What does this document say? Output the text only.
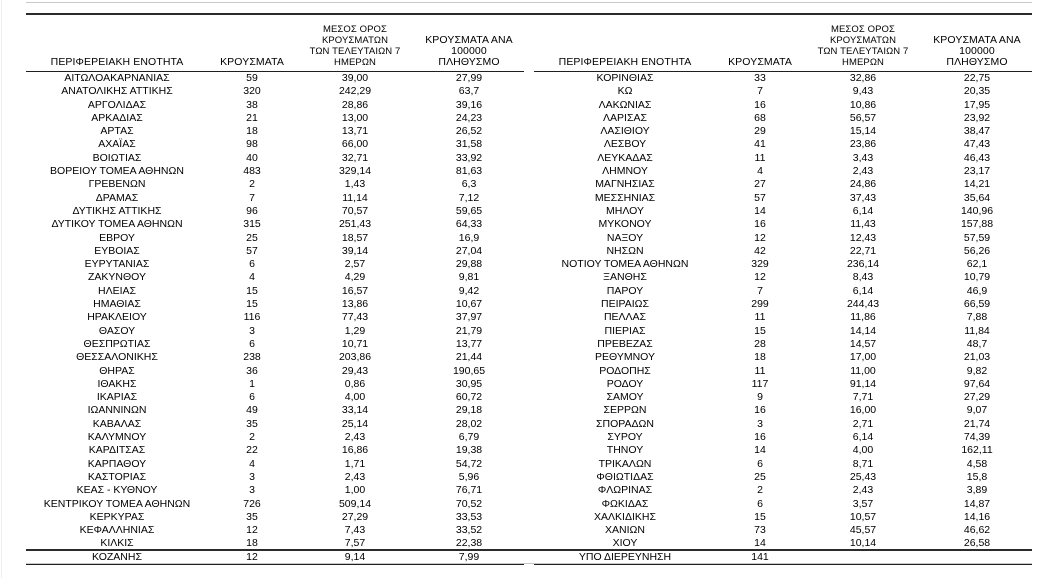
ΠΕΡΙΦΕΡΕΙΑΚΗ ΕΝΟΤΗΤΑ	ΚΡΟΥΣΜΑΤΑ	ΜΕΣΟΣ ΟΡΟΣ ΚΡΟΥΣΜΑΤΩΝ
ΤΩΝ ΤΕΛΕΥΤΑΙΩΝ 7 ΗΜΕΡΩΝ	ΚΡΟΥΣΜΑΤΑ ΑΝΑ 100000
ΠΛΗΘΥΣΜΟ
ΑΙΤΩΛΟΑΚΑΡΝΑΝΙΑΣ	59	39,00	27,99
ΑΝΑΤΟΛΙΚΗΣ ΑΤΤΙΚΗΣ	320	242,29	63,7
ΑΡΓΟΛΙΔΑΣ	38	28,86	39,16
ΑΡΚΑΔΙΑΣ	21	13,00	24,23
ΑΡΤΑΣ	18	13,71	26,52
ΑΧΑΪΑΣ	98	66,00	31,58
ΒΟΙΩΤΙΑΣ	40	32,71	33,92
ΒΟΡΕΙΟΥ ΤΟΜΕΑ ΑΘΗΝΩΝ	483	329,14	81,63
ΓΡΕΒΕΝΩΝ	2	1,43	6,3
ΔΡΑΜΑΣ	7	11,14	7,12
ΔΥΤΙΚΗΣ ΑΤΤΙΚΗΣ	96	70,57	59,65
ΔΥΤΙΚΟΥ ΤΟΜΕΑ ΑΘΗΝΩΝ	315	251,43	64,33
ΕΒΡΟΥ	25	18,57	16,9
ΕΥΒΟΙΑΣ	57	39,14	27,04
ΕΥΡΥΤΑΝΙΑΣ	6	2,57	29,88
ΖΑΚΥΝΘΟΥ	4	4,29	9,81
ΗΛΕΙΑΣ	15	16,57	9,42
ΗΜΑΘΙΑΣ	15	13,86	10,67
ΗΡΑΚΛΕΙΟΥ	116	77,43	37,97
ΘΑΣΟΥ	3	1,29	21,79
ΘΕΣΠΡΩΤΙΑΣ	6	10,71	13,77
ΘΕΣΣΑΛΟΝΙΚΗΣ	238	203,86	21,44
ΘΗΡΑΣ	36	29,43	190,65
ΙΘΑΚΗΣ	1	0,86	30,95
ΙΚΑΡΙΑΣ	6	4,00	60,72
ΙΩΑΝΝΙΝΩΝ	49	33,14	29,18
ΚΑΒΑΛΑΣ	35	25,14	28,02
ΚΑΛΥΜΝΟΥ	2	2,43	6,79
ΚΑΡΔΙΤΣΑΣ	22	16,86	19,38
ΚΑΡΠΑΘΟΥ	4	1,71	54,72
ΚΑΣΤΟΡΙΑΣ	3	2,43	5,96
ΚΕΑΣ - ΚΥΘΝΟΥ	3	1,00	76,71
ΚΕΝΤΡΙΚΟΥ ΤΟΜΕΑ ΑΘΗΝΩΝ	726	509,14	70,52
ΚΕΡΚΥΡΑΣ	35	27,29	33,53
ΚΕΦΑΛΛΗΝΙΑΣ	12	7,43	33,52
ΚΙΛΚΙΣ	18	7,57	22,38
ΚΟΖΑΝΗΣ	12	9,14	7,99
ΠΕΡΙΦΕΡΕΙΑΚΗ ΕΝΟΤΗΤΑ	ΚΡΟΥΣΜΑΤΑ	ΜΕΣΟΣ ΟΡΟΣ ΚΡΟΥΣΜΑΤΩΝ
ΤΩΝ ΤΕΛΕΥΤΑΙΩΝ 7 ΗΜΕΡΩΝ	ΚΡΟΥΣΜΑΤΑ ΑΝΑ 100000
ΠΛΗΘΥΣΜΟ
ΚΟΡΙΝΘΙΑΣ	33	32,86	22,75
ΚΩ	7	9,43	20,35
ΛΑΚΩΝΙΑΣ	16	10,86	17,95
ΛΑΡΙΣΑΣ	68	56,57	23,92
ΛΑΣΙΘΙΟΥ	29	15,14	38,47
ΛΕΣΒΟΥ	41	23,86	47,43
ΛΕΥΚΑΔΑΣ	11	3,43	46,43
ΛΗΜΝΟΥ	4	2,43	23,17
ΜΑΓΝΗΣΙΑΣ	27	24,86	14,21
ΜΕΣΣΗΝΙΑΣ	57	37,43	35,64
ΜΗΛΟΥ	14	6,14	140,96
ΜΥΚΟΝΟΥ	16	11,43	157,88
ΝΑΞΟΥ	12	12,43	57,59
ΝΗΣΩΝ	42	22,71	56,26
ΝΟΤΙΟΥ ΤΟΜΕΑ ΑΘΗΝΩΝ	329	236,14	62,1
ΞΑΝΘΗΣ	12	8,43	10,79
ΠΑΡΟΥ	7	6,14	46,9
ΠΕΙΡΑΙΩΣ	299	244,43	66,59
ΠΕΛΛΑΣ	11	11,86	7,88
ΠΙΕΡΙΑΣ	15	14,14	11,84
ΠΡΕΒΕΖΑΣ	28	14,57	48,7
ΡΕΘΥΜΝΟΥ	18	17,00	21,03
ΡΟΔΟΠΗΣ	11	11,00	9,82
ΡΟΔΟΥ	117	91,14	97,64
ΣΑΜΟΥ	9	7,71	27,29
ΣΕΡΡΩΝ	16	16,00	9,07
ΣΠΟΡΑΔΩΝ	3	2,71	21,74
ΣΥΡΟΥ	16	6,14	74,39
ΤΗΝΟΥ	14	4,00	162,11
ΤΡΙΚΑΛΩΝ	6	8,71	4,58
ΦΘΙΩΤΙΔΑΣ	25	25,43	15,8
ΦΛΩΡΙΝΑΣ	2	2,43	3,89
ΦΩΚΙΔΑΣ	6	3,57	14,87
ΧΑΛΚΙΔΙΚΗΣ	15	10,57	14,16
ΧΑΝΙΩΝ	73	45,57	46,62
ΧΙΟΥ	14	10,14	26,58
ΥΠΟ ΔΙΕΡΕΥΝΗΣΗ	141		
